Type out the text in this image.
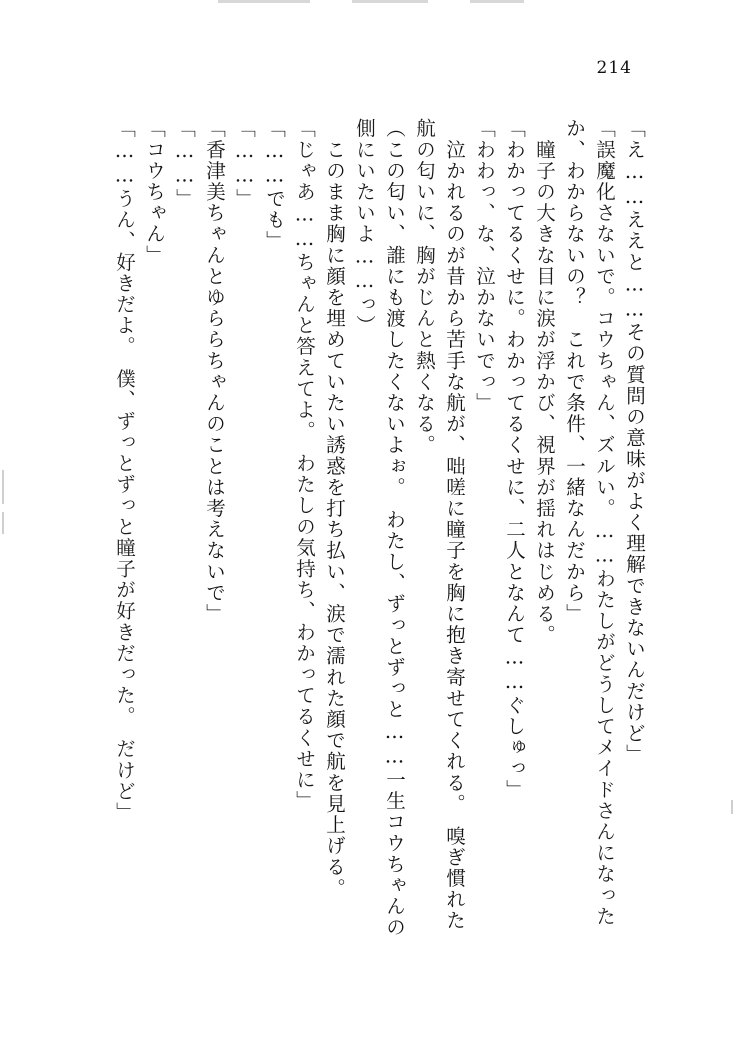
214
「え……ええと……その質問の意味がよく理解できないんだけど」
「誤魔化さないで。コウちゃん、ズルい。……わたしがどうしてメイドさんになった
か、わからないの？　これで条件、一緒なんだから」
　瞳子の大きな目に涙が浮かび、視界が揺れはじめる。
「わかってるくせに。わかってるくせに、二人となんて……ぐしゅっ」
「わわっ、な、泣かないでっ」
　泣かれるのが昔から苦手な航が、咄嗟に瞳子を胸に抱き寄せてくれる。　嗅ぎ慣れた
航の匂いに、胸がじんと熱くなる。
（この匂い、誰にも渡したくないよぉ。　わたし、ずっとずっと……一生コウちゃんの
側にいたいよ……っ）
　このまま胸に顔を埋めていたい誘惑を打ち払い、涙で濡れた顔で航を見上げる。
「じゃあ……ちゃんと答えてよ。　わたしの気持ち、わかってるくせに」
「……でも」
「……」
「香津美ちゃんとゆららちゃんのことは考えないで」
「……」
「コウちゃん」
「……うん、好きだよ。　僕、ずっとずっと瞳子が好きだった。　だけど」
